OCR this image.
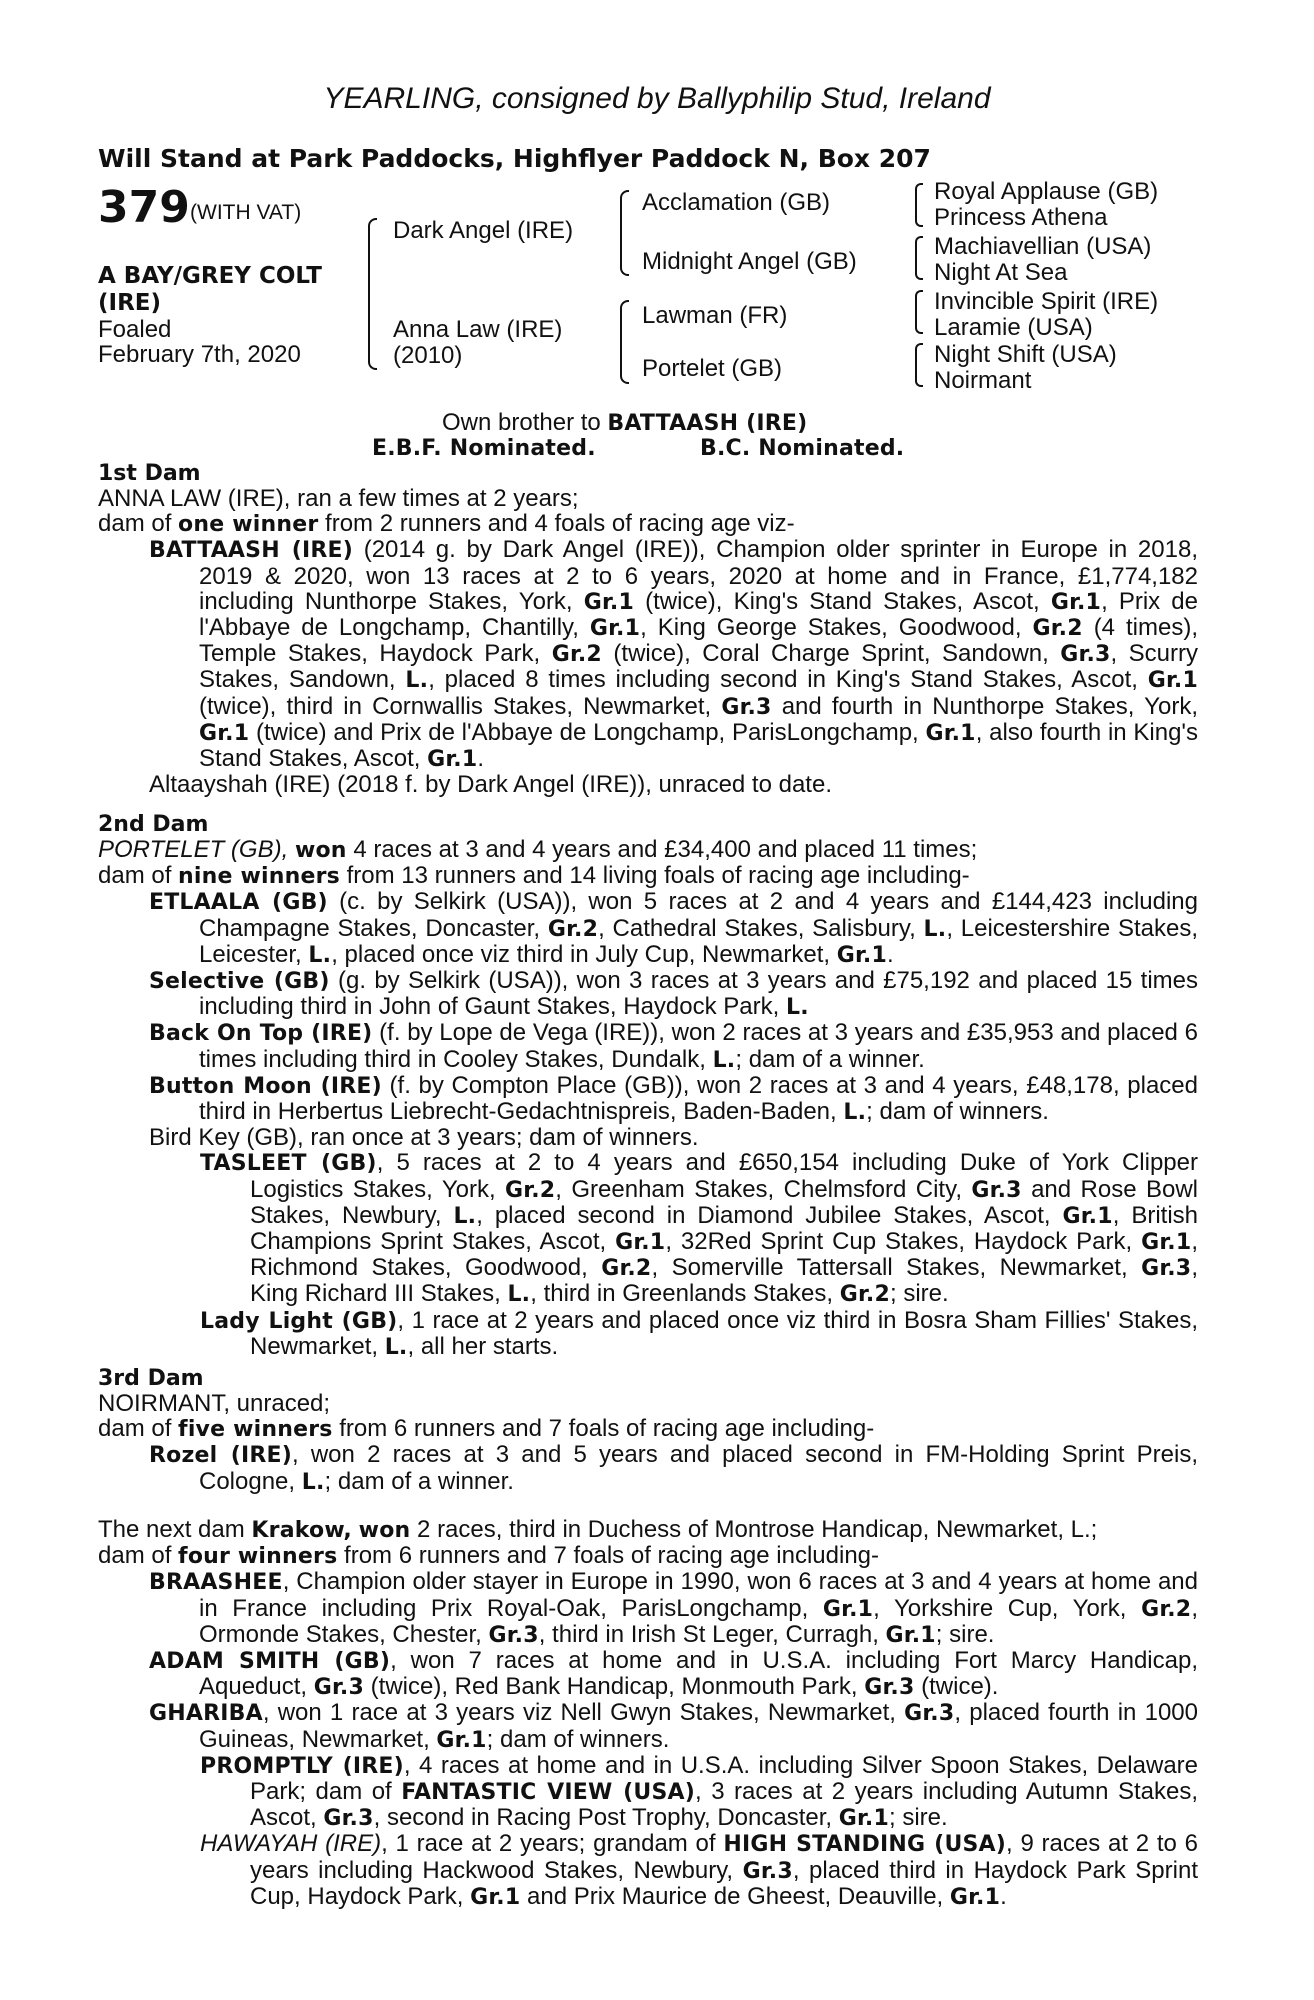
YEARLING, consigned by Ballyphilip Stud, Ireland
Will Stand at Park Paddocks, Highflyer Paddock N, Box 207
379 (WITH VAT)
A BAY/GREY COLT
(IRE)
Foaled
February 7th, 2020
Dark Angel (IRE)
Anna Law (IRE)
(2010)
Acclamation (GB)
Midnight Angel (GB)
Lawman (FR)
Portelet (GB)
Royal Applause (GB)
Princess Athena
Machiavellian (USA)
Night At Sea
Invincible Spirit (IRE)
Laramie (USA)
Night Shift (USA)
Noirmant
Own brother to BATTAASH (IRE)
E.B.F. Nominated.	B.C. Nominated.
1st Dam
ANNA LAW (IRE), ran a few times at 2 years;
dam of one winner from 2 runners and 4 foals of racing age viz-
BATTAASH (IRE) (2014 g. by Dark Angel (IRE)), Champion older sprinter in Europe in 2018, 2019 & 2020, won 13 races at 2 to 6 years, 2020 at home and in France, £1,774,182 including Nunthorpe Stakes, York, Gr.1 (twice), King's Stand Stakes, Ascot, Gr.1, Prix de l'Abbaye de Longchamp, Chantilly, Gr.1, King George Stakes, Goodwood, Gr.2 (4 times), Temple Stakes, Haydock Park, Gr.2 (twice), Coral Charge Sprint, Sandown, Gr.3, Scurry Stakes, Sandown, L., placed 8 times including second in King's Stand Stakes, Ascot, Gr.1 (twice), third in Cornwallis Stakes, Newmarket, Gr.3 and fourth in Nunthorpe Stakes, York, Gr.1 (twice) and Prix de l'Abbaye de Longchamp, ParisLongchamp, Gr.1, also fourth in King's Stand Stakes, Ascot, Gr.1.
Altaayshah (IRE) (2018 f. by Dark Angel (IRE)), unraced to date.
2nd Dam
PORTELET (GB), won 4 races at 3 and 4 years and £34,400 and placed 11 times;
dam of nine winners from 13 runners and 14 living foals of racing age including-
ETLAALA (GB) (c. by Selkirk (USA)), won 5 races at 2 and 4 years and £144,423 including Champagne Stakes, Doncaster, Gr.2, Cathedral Stakes, Salisbury, L., Leicestershire Stakes, Leicester, L., placed once viz third in July Cup, Newmarket, Gr.1.
Selective (GB) (g. by Selkirk (USA)), won 3 races at 3 years and £75,192 and placed 15 times including third in John of Gaunt Stakes, Haydock Park, L.
Back On Top (IRE) (f. by Lope de Vega (IRE)), won 2 races at 3 years and £35,953 and placed 6 times including third in Cooley Stakes, Dundalk, L.; dam of a winner.
Button Moon (IRE) (f. by Compton Place (GB)), won 2 races at 3 and 4 years, £48,178, placed third in Herbertus Liebrecht-Gedachtnispreis, Baden-Baden, L.; dam of winners.
Bird Key (GB), ran once at 3 years; dam of winners.
TASLEET (GB), 5 races at 2 to 4 years and £650,154 including Duke of York Clipper Logistics Stakes, York, Gr.2, Greenham Stakes, Chelmsford City, Gr.3 and Rose Bowl Stakes, Newbury, L., placed second in Diamond Jubilee Stakes, Ascot, Gr.1, British Champions Sprint Stakes, Ascot, Gr.1, 32Red Sprint Cup Stakes, Haydock Park, Gr.1, Richmond Stakes, Goodwood, Gr.2, Somerville Tattersall Stakes, Newmarket, Gr.3, King Richard III Stakes, L., third in Greenlands Stakes, Gr.2; sire.
Lady Light (GB), 1 race at 2 years and placed once viz third in Bosra Sham Fillies' Stakes, Newmarket, L., all her starts.
3rd Dam
NOIRMANT, unraced;
dam of five winners from 6 runners and 7 foals of racing age including-
Rozel (IRE), won 2 races at 3 and 5 years and placed second in FM-Holding Sprint Preis, Cologne, L.; dam of a winner.
The next dam Krakow, won 2 races, third in Duchess of Montrose Handicap, Newmarket, L.;
dam of four winners from 6 runners and 7 foals of racing age including-
BRAASHEE, Champion older stayer in Europe in 1990, won 6 races at 3 and 4 years at home and in France including Prix Royal-Oak, ParisLongchamp, Gr.1, Yorkshire Cup, York, Gr.2, Ormonde Stakes, Chester, Gr.3, third in Irish St Leger, Curragh, Gr.1; sire.
ADAM SMITH (GB), won 7 races at home and in U.S.A. including Fort Marcy Handicap, Aqueduct, Gr.3 (twice), Red Bank Handicap, Monmouth Park, Gr.3 (twice).
GHARIBA, won 1 race at 3 years viz Nell Gwyn Stakes, Newmarket, Gr.3, placed fourth in 1000 Guineas, Newmarket, Gr.1; dam of winners.
PROMPTLY (IRE), 4 races at home and in U.S.A. including Silver Spoon Stakes, Delaware Park; dam of FANTASTIC VIEW (USA), 3 races at 2 years including Autumn Stakes, Ascot, Gr.3, second in Racing Post Trophy, Doncaster, Gr.1; sire.
HAWAYAH (IRE), 1 race at 2 years; grandam of HIGH STANDING (USA), 9 races at 2 to 6 years including Hackwood Stakes, Newbury, Gr.3, placed third in Haydock Park Sprint Cup, Haydock Park, Gr.1 and Prix Maurice de Gheest, Deauville, Gr.1.
